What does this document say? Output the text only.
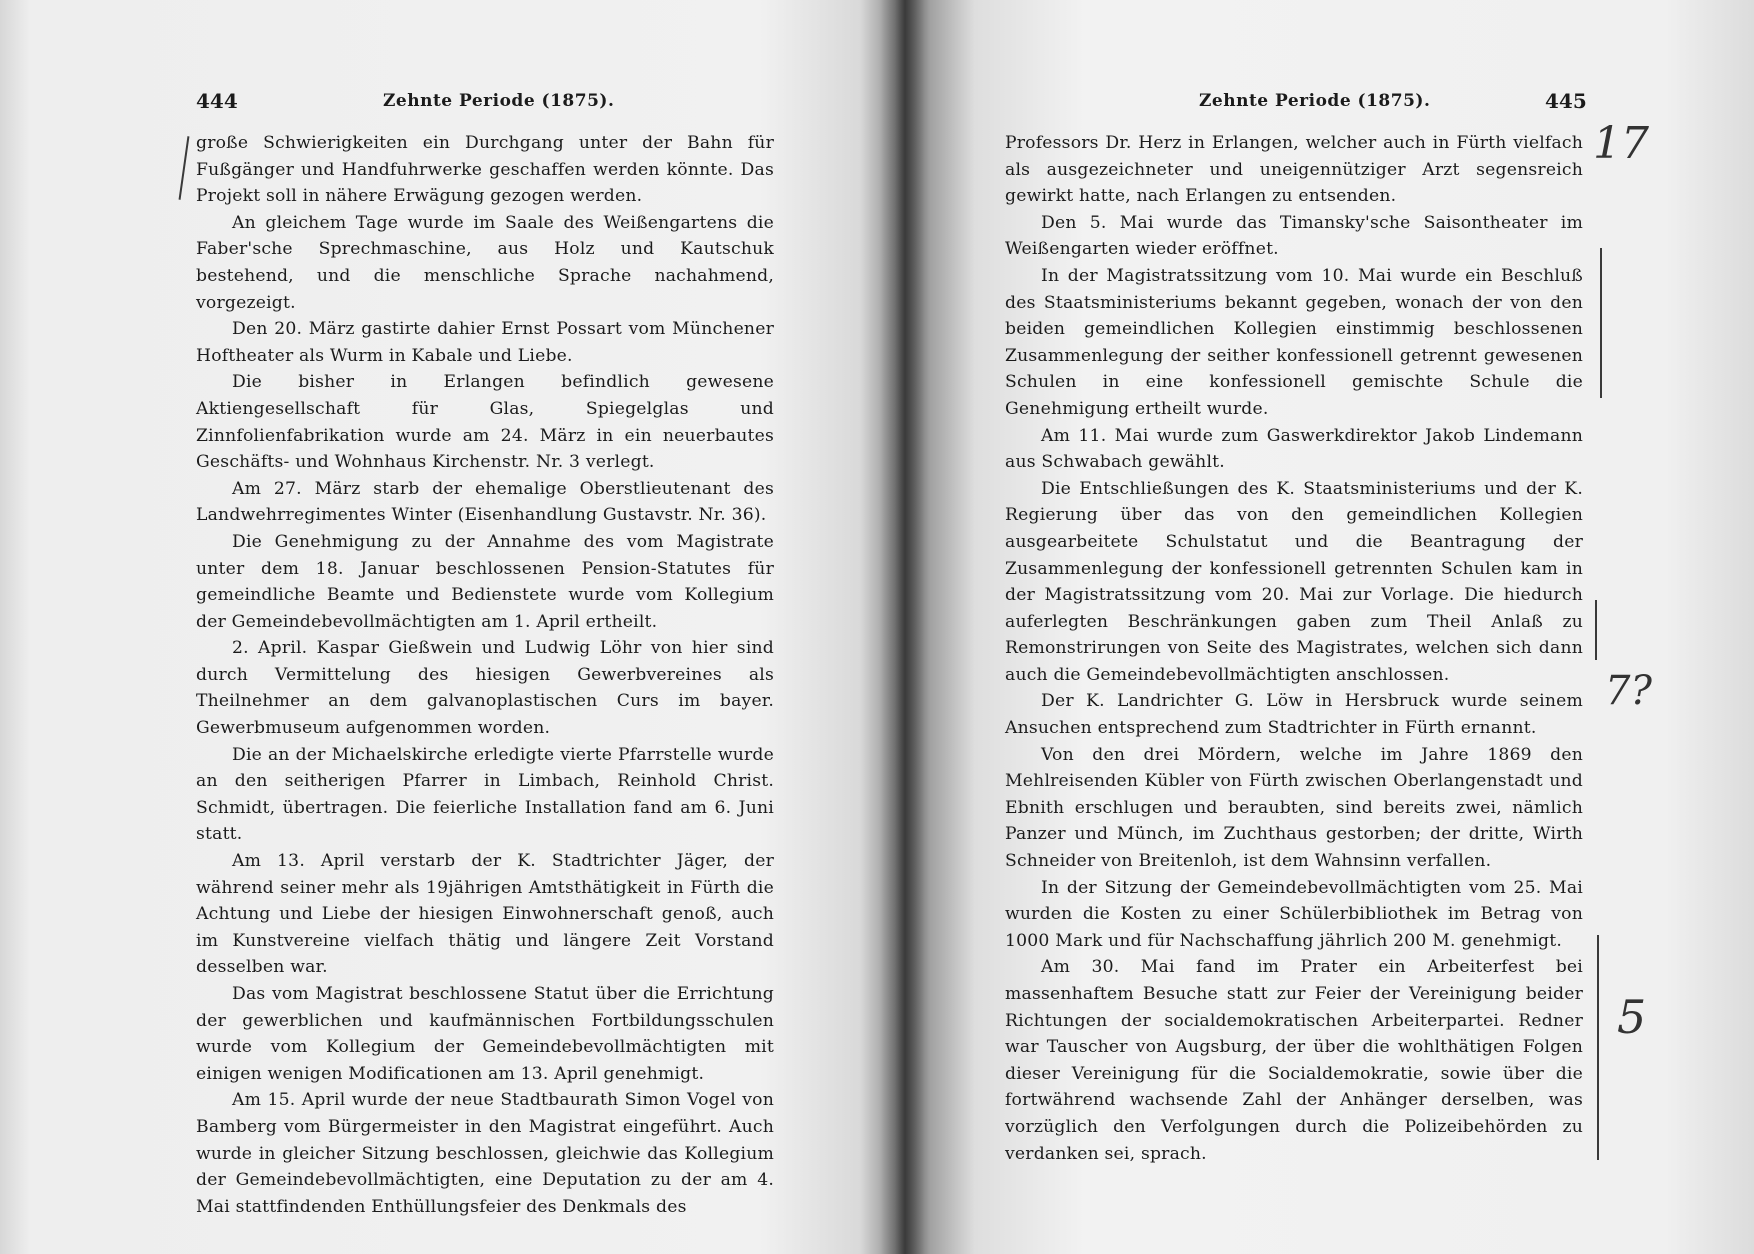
444	Zehnte Periode (1875).

große Schwierigkeiten ein Durchgang unter der Bahn für Fußgänger und Handfuhrwerke geschaffen werden könnte. Das Projekt soll in nähere Erwägung gezogen werden.

An gleichem Tage wurde im Saale des Weißengartens die Faber'sche Sprechmaschine, aus Holz und Kautschuk bestehend, und die menschliche Sprache nachahmend, vorgezeigt.

Den 20. März gastirte dahier Ernst Possart vom Münchener Hoftheater als Wurm in Kabale und Liebe.

Die bisher in Erlangen befindlich gewesene Aktiengesellschaft für Glas, Spiegelglas und Zinnfolienfabrikation wurde am 24. März in ein neuerbautes Geschäfts- und Wohnhaus Kirchenstr. Nr. 3 verlegt.

Am 27. März starb der ehemalige Oberstlieutenant des Landwehrregimentes Winter (Eisenhandlung Gustavstr. Nr. 36).

Die Genehmigung zu der Annahme des vom Magistrate unter dem 18. Januar beschlossenen Pension-Statutes für gemeindliche Beamte und Bedienstete wurde vom Kollegium der Gemeindebevollmächtigten am 1. April ertheilt.

2. April. Kaspar Gießwein und Ludwig Löhr von hier sind durch Vermittelung des hiesigen Gewerbvereines als Theilnehmer an dem galvanoplastischen Curs im bayer. Gewerbmuseum aufgenommen worden.

Die an der Michaelskirche erledigte vierte Pfarrstelle wurde an den seitherigen Pfarrer in Limbach, Reinhold Christ. Schmidt, übertragen. Die feierliche Installation fand am 6. Juni statt.

Am 13. April verstarb der K. Stadtrichter Jäger, der während seiner mehr als 19jährigen Amtsthätigkeit in Fürth die Achtung und Liebe der hiesigen Einwohnerschaft genoß, auch im Kunstvereine vielfach thätig und längere Zeit Vorstand desselben war.

Das vom Magistrat beschlossene Statut über die Errichtung der gewerblichen und kaufmännischen Fortbildungsschulen wurde vom Kollegium der Gemeindebevollmächtigten mit einigen wenigen Modificationen am 13. April genehmigt.

Am 15. April wurde der neue Stadtbaurath Simon Vogel von Bamberg vom Bürgermeister in den Magistrat eingeführt. Auch wurde in gleicher Sitzung beschlossen, gleichwie das Kollegium der Gemeindebevollmächtigten, eine Deputation zu der am 4. Mai stattfindenden Enthüllungsfeier des Denkmals des

Zehnte Periode (1875).	445

Professors Dr. Herz in Erlangen, welcher auch in Fürth vielfach als ausgezeichneter und uneigennütziger Arzt segensreich gewirkt hatte, nach Erlangen zu entsenden.

Den 5. Mai wurde das Timansky'sche Saisontheater im Weißengarten wieder eröffnet.

In der Magistratssitzung vom 10. Mai wurde ein Beschluß des Staatsministeriums bekannt gegeben, wonach der von den beiden gemeindlichen Kollegien einstimmig beschlossenen Zusammenlegung der seither konfessionell getrennt gewesenen Schulen in eine konfessionell gemischte Schule die Genehmigung ertheilt wurde.

Am 11. Mai wurde zum Gaswerkdirektor Jakob Lindemann aus Schwabach gewählt.

Die Entschließungen des K. Staatsministeriums und der K. Regierung über das von den gemeindlichen Kollegien ausgearbeitete Schulstatut und die Beantragung der Zusammenlegung der konfessionell getrennten Schulen kam in der Magistratssitzung vom 20. Mai zur Vorlage. Die hiedurch auferlegten Beschränkungen gaben zum Theil Anlaß zu Remonstrirungen von Seite des Magistrates, welchen sich dann auch die Gemeindebevollmächtigten anschlossen.

Der K. Landrichter G. Löw in Hersbruck wurde seinem Ansuchen entsprechend zum Stadtrichter in Fürth ernannt.

Von den drei Mördern, welche im Jahre 1869 den Mehlreisenden Kübler von Fürth zwischen Oberlangenstadt und Ebnith erschlugen und beraubten, sind bereits zwei, nämlich Panzer und Münch, im Zuchthaus gestorben; der dritte, Wirth Schneider von Breitenloh, ist dem Wahnsinn verfallen.

In der Sitzung der Gemeindebevollmächtigten vom 25. Mai wurden die Kosten zu einer Schülerbibliothek im Betrag von 1000 Mark und für Nachschaffung jährlich 200 M. genehmigt.

Am 30. Mai fand im Prater ein Arbeiterfest bei massenhaftem Besuche statt zur Feier der Vereinigung beider Richtungen der socialdemokratischen Arbeiterpartei. Redner war Tauscher von Augsburg, der über die wohlthätigen Folgen dieser Vereinigung für die Socialdemokratie, sowie über die fortwährend wachsende Zahl der Anhänger derselben, was vorzüglich den Verfolgungen durch die Polizeibehörden zu verdanken sei, sprach.

17
7?
5
